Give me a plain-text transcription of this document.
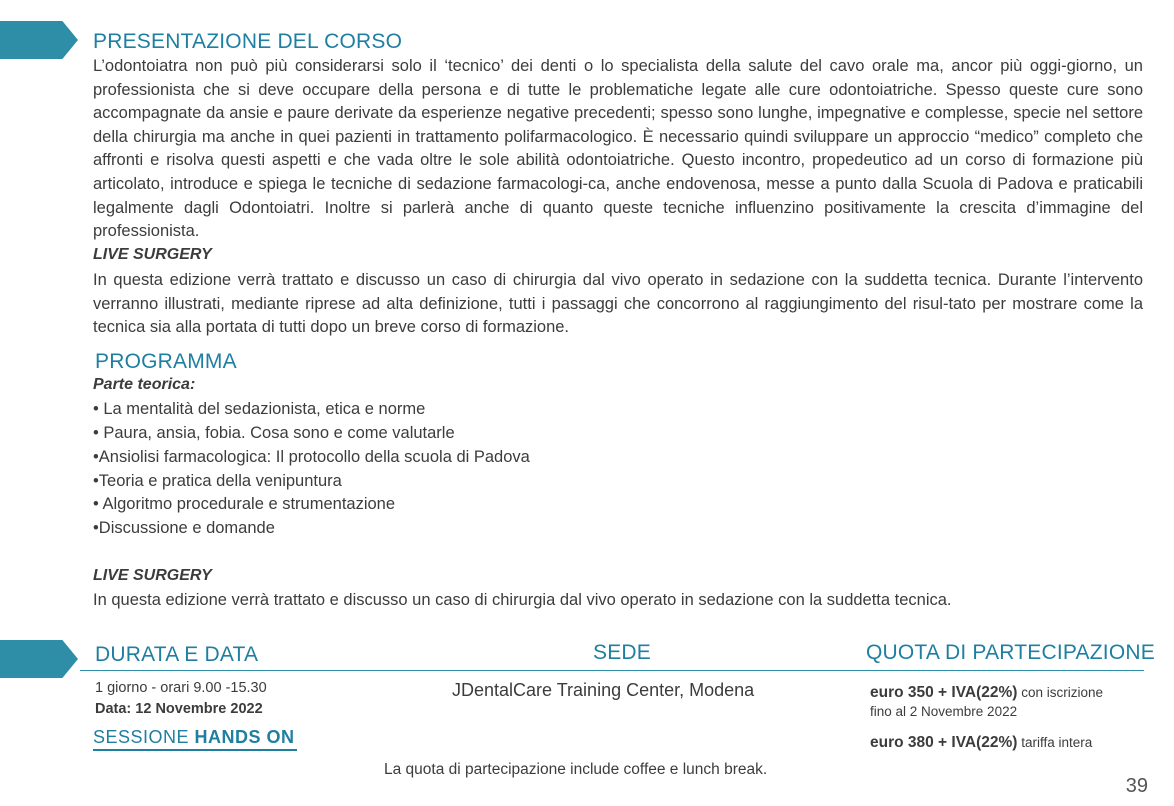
PRESENTAZIONE DEL CORSO

L’odontoiatra non può più considerarsi solo il ‘tecnico’ dei denti o lo specialista della salute del cavo orale ma, ancor più oggi-giorno, un professionista che si deve occupare della persona e di tutte le problematiche legate alle cure odontoiatriche. Spesso queste cure sono accompagnate da ansie e paure derivate da esperienze negative precedenti; spesso sono lunghe, impegnative e complesse, specie nel settore della chirurgia ma anche in quei pazienti in trattamento polifarmacologico. È necessario quindi sviluppare un approccio “medico” completo che affronti e risolva questi aspetti e che vada oltre le sole abilità odontoiatriche. Questo incontro, propedeutico ad un corso di formazione più articolato, introduce e spiega le tecniche di sedazione farmacologi-ca, anche endovenosa, messe a punto dalla Scuola di Padova e praticabili legalmente dagli Odontoiatri. Inoltre si parlerà anche di quanto queste tecniche influenzino positivamente la crescita d’immagine del professionista.

LIVE SURGERY

In questa edizione verrà trattato e discusso un caso di chirurgia dal vivo operato in sedazione con la suddetta tecnica. Durante l’intervento verranno illustrati, mediante riprese ad alta definizione, tutti i passaggi che concorrono al raggiungimento del risul-tato per mostrare come la tecnica sia alla portata di tutti dopo un breve corso di formazione.

PROGRAMMA
Parte teorica:
• La mentalità del sedazionista, etica e norme
• Paura, ansia, fobia. Cosa sono e come valutarle
•Ansiolisi farmacologica: Il protocollo della scuola di Padova
•Teoria e pratica della venipuntura
• Algoritmo procedurale e strumentazione
•Discussione e domande
LIVE SURGERY
In questa edizione verrà trattato e discusso un caso di chirurgia dal vivo operato in sedazione con la suddetta tecnica.
DURATA E DATA	SEDE	QUOTA DI PARTECIPAZIONE
1 giorno - orari 9.00 -15.30
Data: 12 Novembre 2022
SESSIONE HANDS ON
JDentalCare Training Center, Modena	euro 350 + IVA(22%) con iscrizione
fino al 2 Novembre 2022
euro 380 + IVA(22%) tariffa intera
La quota di partecipazione include coffee e lunch break.
39
